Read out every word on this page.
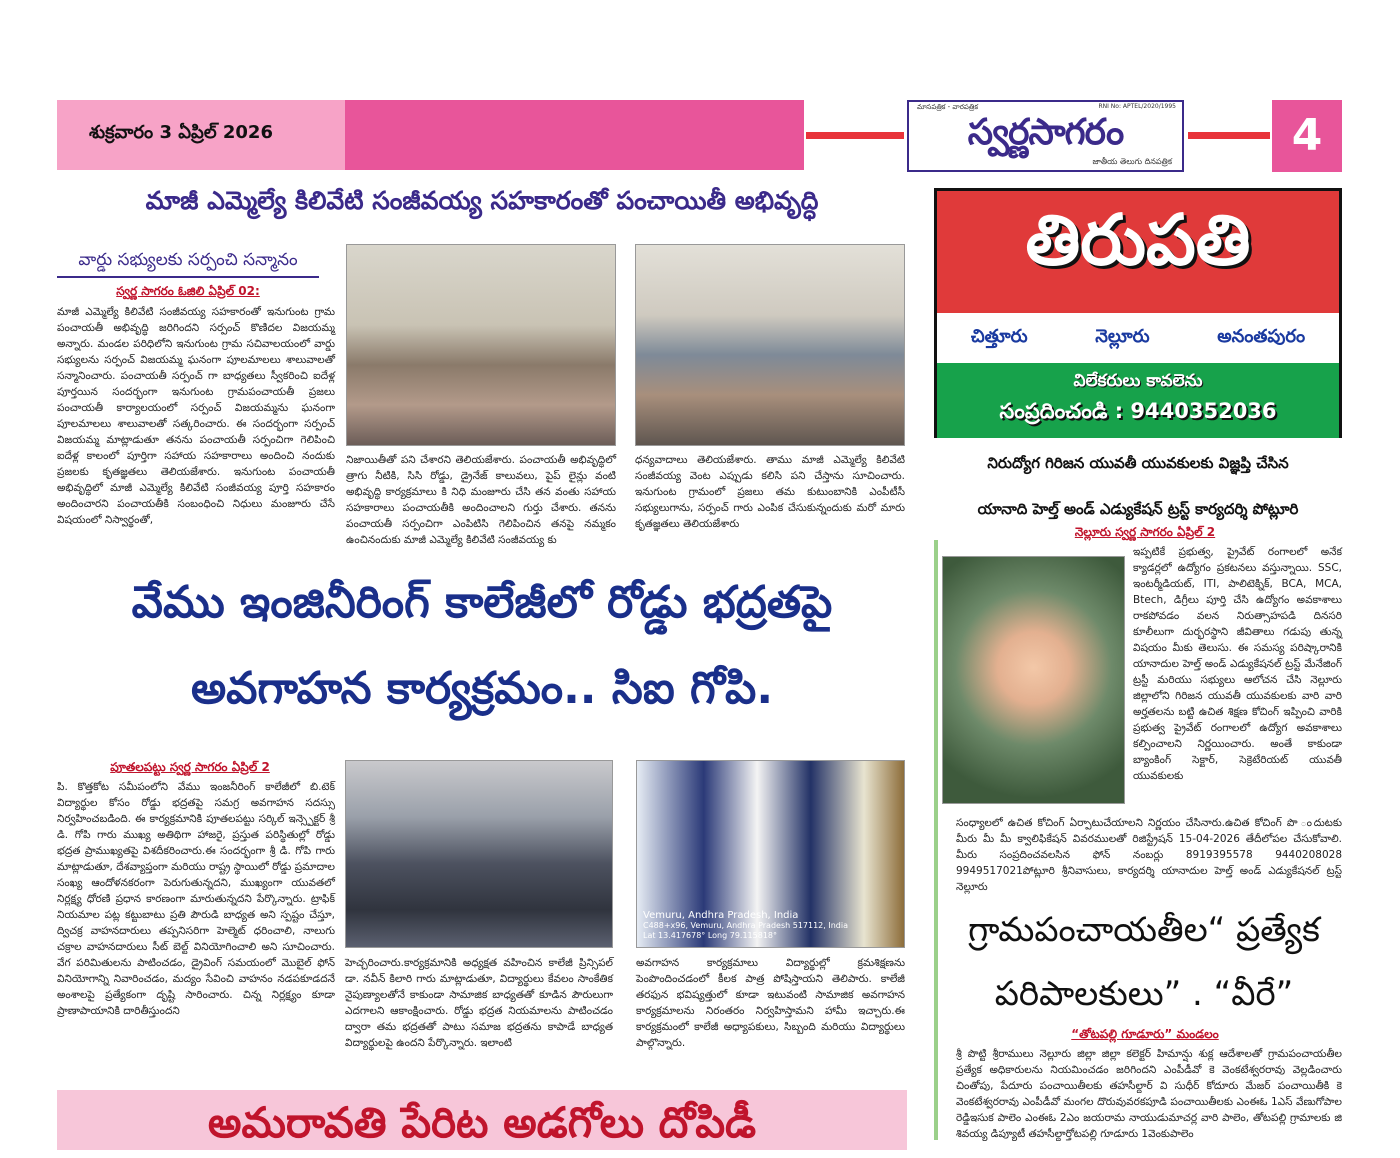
శుక్రవారం 3 ఏప్రిల్ 2026
మాసపత్రిక - వారపత్రిక	RNI No: APTEL/2020/1995
స్వర్ణసాగరం
జాతీయ తెలుగు దినపత్రిక
4
మాజీ ఎమ్మెల్యే కిలివేటి సంజీవయ్య సహకారంతో పంచాయితీ అభివృద్ధి
వార్డు సభ్యులకు సర్పంచి సన్మానం
స్వర్ణ సాగరం ఓజిలి ఏప్రిల్ 02:
మాజీ ఎమ్మెల్యే కిలివేటి సంజీవయ్య సహకారంతో ఇనుగుంట గ్రామ పంచాయతీ అభివృద్ధి జరిగిందని సర్పంచ్ కొణిదల విజయమ్మ అన్నారు. మండల పరిధిలోని ఇనుగుంట గ్రామ సచివాలయంలో వార్డు సభ్యులను సర్పంచ్ విజయమ్మ ఘనంగా పూలమాలలు శాలువాలతో సన్మానించారు. పంచాయతీ సర్పంచ్ గా బాధ్యతలు స్వీకరించి ఐదేళ్ల పూర్తయిన సందర్భంగా ఇనుగుంట గ్రామపంచాయతీ ప్రజలు పంచాయతీ కార్యాలయంలో సర్పంచ్ విజయమ్మను ఘనంగా పూలమాలలు శాలువాలతో సత్కరించారు. ఈ సందర్భంగా సర్పంచ్ విజయమ్మ మాట్లాడుతూ తనను పంచాయతీ సర్పంచిగా గెలిపించి ఐదేళ్ల కాలంలో పూర్తిగా సహాయ సహకారాలు అందించి నందుకు ప్రజలకు కృతజ్ఞతలు తెలియజేశారు. ఇనుగుంట పంచాయతీ అభివృద్ధిలో మాజీ ఎమ్మెల్యే కిలివేటి సంజీవయ్య పూర్తి సహకారం అందించారని పంచాయతీకి సంబంధించి నిధులు మంజూరు చేసే విషయంలో నిస్వార్థంతో,
నిజాయితీతో పని చేశారని తెలియజేశారు. పంచాయతీ అభివృద్ధిలో త్రాగు నీటికి, సిసి రోడ్డు, డ్రైనేజ్ కాలువలు, పైప్ లైన్లు వంటి అభివృద్ధి కార్యక్రమాలు కి నిధి మంజూరు చేసి తన వంతు సహాయ సహకారాలు పంచాయతీకి అందించాలని గుర్తు చేశారు. తనను పంచాయతీ సర్పంచిగా ఎంపిటిసి గెలిపించిన తనపై నమ్మకం ఉంచినందుకు మాజీ ఎమ్మెల్యే కిలివేటి సంజీవయ్య కు
ధన్యవాదాలు తెలియజేశారు. తాము మాజీ ఎమ్మెల్యే కిలివేటి సంజీవయ్య వెంట ఎప్పుడు కలిసి పని చేస్తాను సూచించారు. ఇనుగుంట గ్రామంలో ప్రజలు తమ కుటుంబానికి ఎంపీటీసీ సభ్యులుగాను, సర్పంచ్ గారు ఎంపిక చేసుకున్నందుకు మరో మారు కృతజ్ఞతలు తెలియజేశారు
వేము ఇంజినీరింగ్ కాలేజీలో రోడ్డు భద్రతపై
అవగాహన కార్యక్రమం.. సిఐ గోపి.
పూతలపట్టు స్వర్ణ సాగరం ఏప్రిల్ 2
పి. కొత్తకోట సమీపంలోని వేము ఇంజనీరింగ్ కాలేజీలో బి.టెక్ విద్యార్థుల కోసం రోడ్డు భద్రతపై సమగ్ర అవగాహన సదస్సు నిర్వహించబడింది. ఈ కార్యక్రమానికి పూతలపట్టు సర్కిల్ ఇన్స్పెక్టర్ శ్రీ డి. గోపి గారు ముఖ్య అతిథిగా హాజరై, ప్రస్తుత పరిస్థితుల్లో రోడ్డు భద్రత ప్రాముఖ్యతపై విశదీకరించారు.ఈ సందర్భంగా శ్రీ డి. గోపి గారు మాట్లాడుతూ, దేశవ్యాప్తంగా మరియు రాష్ట్ర స్థాయిలో రోడ్డు ప్రమాదాల సంఖ్య ఆందోళనకరంగా పెరుగుతున్నదని, ముఖ్యంగా యువతలో నిర్లక్ష్య ధోరణి ప్రధాన కారణంగా మారుతున్నదని పేర్కొన్నారు. ట్రాఫిక్ నియమాల పట్ల కట్టుబాటు ప్రతి పౌరుడి బాధ్యత అని స్పష్టం చేస్తూ, ద్విచక్ర వాహనదారులు తప్పనిసరిగా హెల్మెట్ ధరించాలి, నాలుగు చక్రాల వాహనదారులు సీట్ బెల్ట్ వినియోగించాలి అని సూచించారు. వేగ పరిమితులను పాటించడం, డ్రైవింగ్ సమయంలో మొబైల్ ఫోన్ వినియోగాన్ని నివారించడం, మద్యం సేవించి వాహనం నడపకూడదనే అంశాలపై ప్రత్యేకంగా దృష్టి సారించారు. చిన్న నిర్లక్ష్యం కూడా ప్రాణాపాయానికి దారితీస్తుందని
Vemuru, Andhra Pradesh, India
C488+x96, Vemuru, Andhra Pradesh 517112, India
Lat 13.417678° Long 79.115818°
హెచ్చరించారు.కార్యక్రమానికి అధ్యక్షత వహించిన కాలేజీ ప్రిన్సిపల్ డా. నవీన్ కిలారి గారు మాట్లాడుతూ, విద్యార్థులు కేవలం సాంకేతిక నైపుణ్యాలతోనే కాకుండా సామాజిక బాధ్యతతో కూడిన పౌరులుగా ఎదగాలని ఆకాంక్షించారు. రోడ్డు భద్రత నియమాలను పాటించడం ద్వారా తమ భద్రతతో పాటు సమాజ భద్రతను కాపాడే బాధ్యత విద్యార్థులపై ఉందని పేర్కొన్నారు. ఇలాంటి
అవగాహన కార్యక్రమాలు విద్యార్థుల్లో క్రమశిక్షణను పెంపొందించడంలో కీలక పాత్ర పోషిస్తాయని తెలిపారు. కాలేజీ తరఫున భవిష్యత్తులో కూడా ఇటువంటి సామాజిక అవగాహన కార్యక్రమాలను నిరంతరం నిర్వహిస్తామని హామీ ఇచ్చారు.ఈ కార్యక్రమంలో కాలేజీ అధ్యాపకులు, సిబ్బంది మరియు విద్యార్థులు పాల్గొన్నారు.
తిరుపతి
చిత్తూరు	నెల్లూరు	అనంతపురం
విలేకరులు కావలెను
సంప్రదించండి : 9440352036
నిరుద్యోగ గిరిజన యువతీ యువకులకు విజ్ఞప్తి చేసిన
యానాది హెల్త్ అండ్ ఎడ్యుకేషన్ ట్రస్ట్ కార్యదర్శి పోట్లూరి
నెల్లూరు స్వర్ణ సాగరం ఏప్రిల్ 2
ఇప్పటికే ప్రభుత్వ, ప్రైవేట్ రంగాలలో అనేక క్యాడర్లలో ఉద్యోగం ప్రకటనలు వస్తున్నాయి. SSC, ఇంటర్మీడియట్, ITI, పాలిటెక్నిక్, BCA, MCA, Btech, డిగ్రీలు పూర్తి చేసి ఉద్యోగం అవకాశాలు రాకపోవడం వలన నిరుత్సాహపడి దినసరి కూలీలుగా దుర్భరస్థాని జీవితాలు గడుపు తున్న విషయం మీకు తెలుసు. ఈ సమస్య పరిష్కారానికి యానాదుల హెల్త్ అండ్ ఎడ్యుకేషనల్ ట్రస్ట్ మేనేజింగ్ ట్రస్టీ మరియు సభ్యులు ఆలోచన చేసి నెల్లూరు జిల్లాలోని గిరిజన యువతీ యువకులకు వారి వారి అర్హతలను బట్టి ఉచిత శిక్షణ కోచింగ్ ఇప్పించి వారికి ప్రభుత్వ ప్రైవేట్ రంగాలలో ఉద్యోగ అవకాశాలు కల్పించాలని నిర్ణయించారు. అంతే కాకుండా బ్యాంకింగ్ సెక్టార్, సెక్రెటేరియట్ యువతీ యువకులకు
సంధ్యాలలో ఉచిత కోచింగ్ ఏర్పాటుచేయాలని నిర్ణయం చేసినారు.ఉచిత కోచింగ్ పొ ందుటకు మీరు మీ మీ క్వాలిఫికేషన్ వివరములతో రిజిస్ట్రేషన్ 15-04-2026 తేదీలోపల చేసుకోవాలి. మీరు సంప్రదించవలసిన ఫోన్ నంబర్లు 8919395578 9440208028 9949517021పోట్లూరి శ్రీనివాసులు, కార్యదర్శి యానాదుల హెల్త్ అండ్ ఎడ్యుకేషనల్ ట్రస్ట్ నెల్లూరు
గ్రామపంచాయతీల“ ప్రత్యేక
పరిపాలకులు” . “వీరే”
“తోటపల్లి గూడూరు” మండలం
శ్రీ పొట్టి శ్రీరాములు నెల్లూరు జిల్లా జిల్లా కలెక్టర్ హిమాన్షు శుక్ల ఆదేశాలతో గ్రామపంచాయతీల ప్రత్యేక అధికారులను నియమించడం జరిగిందని ఎంపీడీవో కె వెంకటేశ్వరరావు వెల్లడించారు చింతోపు, పేదూరు పంచాయితీలకు తహసీల్దార్ వి సుధీర్ కోదూరు మేజర్ పంచాయితీకి కె వెంకటేశ్వరరావు ఎంపీడీవో మంగల దొరువువరకపూడి పంచాయితీలకు ఎంఈఓ 1ఎస్ వేణుగోపాల రెడ్డిఇసుక పాలెం ఎంఈఓ 2ఎం జయరామ నాయుడుమాచర్ల వారి పాలెం, తోటపల్లి గ్రామాలకు జి శివయ్య డిప్యూటీ తహసీల్దార్తోటపల్లి గూడూరు 1వెంకుపాలెం
అమరావతి పేరిట అడగోలు దోపిడీ
